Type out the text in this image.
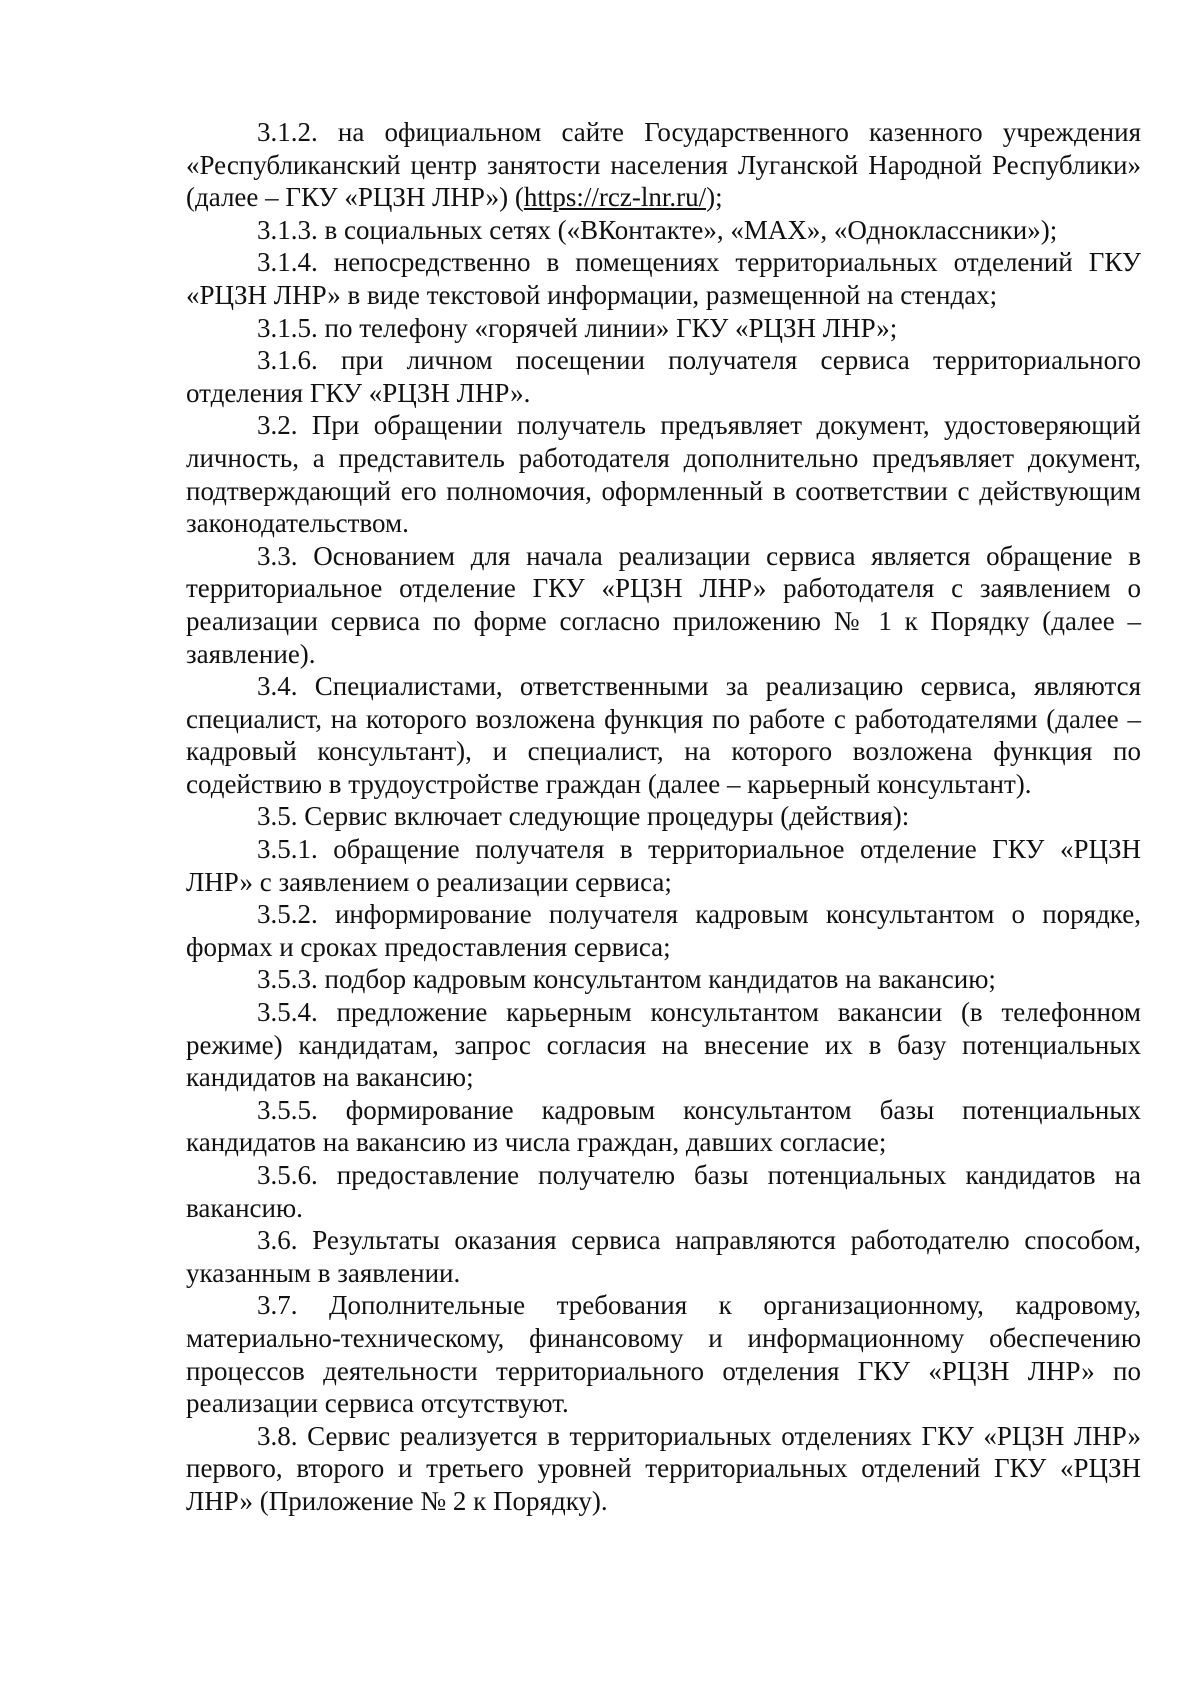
3.1.2. на официальном сайте Государственного казенного учреждения «Республиканский центр занятости населения Луганской Народной Республики» (далее – ГКУ «РЦЗН ЛНР») (https://rcz-lnr.ru/);

3.1.3. в социальных сетях («ВКонтакте», «MAX», «Одноклассники»);

3.1.4. непосредственно в помещениях территориальных отделений ГКУ «РЦЗН ЛНР» в виде текстовой информации, размещенной на стендах;

3.1.5. по телефону «горячей линии» ГКУ «РЦЗН ЛНР»;

3.1.6. при личном посещении получателя сервиса территориального отделения ГКУ «РЦЗН ЛНР».

3.2. При обращении получатель предъявляет документ, удостоверяющий личность, а представитель работодателя дополнительно предъявляет документ, подтверждающий его полномочия, оформленный в соответствии с действующим законодательством.

3.3. Основанием для начала реализации сервиса является обращение в территориальное отделение ГКУ «РЦЗН ЛНР» работодателя с заявлением о реализации сервиса по форме согласно приложению № 1 к Порядку (далее – заявление).

3.4. Специалистами, ответственными за реализацию сервиса, являются специалист, на которого возложена функция по работе с работодателями (далее – кадровый консультант), и специалист, на которого возложена функция по содействию в трудоустройстве граждан (далее – карьерный консультант).

3.5. Сервис включает следующие процедуры (действия):

3.5.1. обращение получателя в территориальное отделение ГКУ «РЦЗН ЛНР» с заявлением о реализации сервиса;

3.5.2. информирование получателя кадровым консультантом о порядке, формах и сроках предоставления сервиса;

3.5.3. подбор кадровым консультантом кандидатов на вакансию;

3.5.4. предложение карьерным консультантом вакансии (в телефонном режиме) кандидатам, запрос согласия на внесение их в базу потенциальных кандидатов на вакансию;

3.5.5. формирование кадровым консультантом базы потенциальных кандидатов на вакансию из числа граждан, давших согласие;

3.5.6. предоставление получателю базы потенциальных кандидатов на вакансию.

3.6. Результаты оказания сервиса направляются работодателю способом, указанным в заявлении.

3.7. Дополнительные требования к организационному, кадровому, материально-техническому, финансовому и информационному обеспечению процессов деятельности территориального отделения ГКУ «РЦЗН ЛНР» по реализации сервиса отсутствуют.

3.8. Сервис реализуется в территориальных отделениях ГКУ «РЦЗН ЛНР» первого, второго и третьего уровней территориальных отделений ГКУ «РЦЗН ЛНР» (Приложение № 2 к Порядку).
